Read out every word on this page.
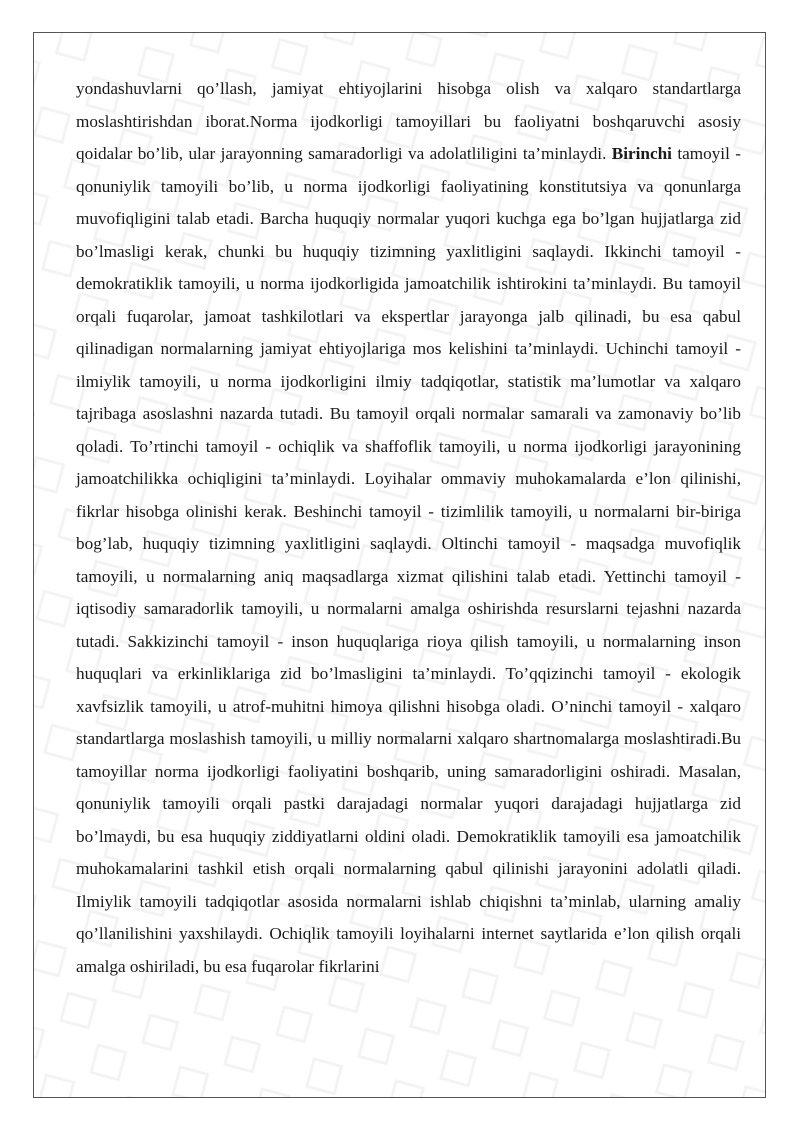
yondashuvlarni qo’llash, jamiyat ehtiyojlarini hisobga olish va xalqaro standartlarga moslashtirishdan iborat.Norma ijodkorligi tamoyillari bu faoliyatni boshqaruvchi asosiy qoidalar bo’lib, ular jarayonning samaradorligi va adolatliligini ta’minlaydi. Birinchi tamoyil - qonuniylik tamoyili bo’lib, u norma ijodkorligi faoliyatining konstitutsiya va qonunlarga muvofiqligini talab etadi. Barcha huquqiy normalar yuqori kuchga ega bo’lgan hujjatlarga zid bo’lmasligi kerak, chunki bu huquqiy tizimning yaxlitligini saqlaydi. Ikkinchi tamoyil - demokratiklik tamoyili, u norma ijodkorligida jamoatchilik ishtirokini ta’minlaydi. Bu tamoyil orqali fuqarolar, jamoat tashkilotlari va ekspertlar jarayonga jalb qilinadi, bu esa qabul qilinadigan normalarning jamiyat ehtiyojlariga mos kelishini ta’minlaydi. Uchinchi tamoyil - ilmiylik tamoyili, u norma ijodkorligini ilmiy tadqiqotlar, statistik ma’lumotlar va xalqaro tajribaga asoslashni nazarda tutadi. Bu tamoyil orqali normalar samarali va zamonaviy bo’lib qoladi. To’rtinchi tamoyil - ochiqlik va shaffoflik tamoyili, u norma ijodkorligi jarayonining jamoatchilikka ochiqligini ta’minlaydi. Loyihalar ommaviy muhokamalarda e’lon qilinishi, fikrlar hisobga olinishi kerak. Beshinchi tamoyil - tizimlilik tamoyili, u normalarni bir-biriga bog’lab, huquqiy tizimning yaxlitligini saqlaydi. Oltinchi tamoyil - maqsadga muvofiqlik tamoyili, u normalarning aniq maqsadlarga xizmat qilishini talab etadi. Yettinchi tamoyil - iqtisodiy samaradorlik tamoyili, u normalarni amalga oshirishda resurslarni tejashni nazarda tutadi. Sakkizinchi tamoyil - inson huquqlariga rioya qilish tamoyili, u normalarning inson huquqlari va erkinliklariga zid bo’lmasligini ta’minlaydi. To’qqizinchi tamoyil - ekologik xavfsizlik tamoyili, u atrof-muhitni himoya qilishni hisobga oladi. O’ninchi tamoyil - xalqaro standartlarga moslashish tamoyili, u milliy normalarni xalqaro shartnomalarga moslashtiradi.Bu tamoyillar norma ijodkorligi faoliyatini boshqarib, uning samaradorligini oshiradi. Masalan, qonuniylik tamoyili orqali pastki darajadagi normalar yuqori darajadagi hujjatlarga zid bo’lmaydi, bu esa huquqiy ziddiyatlarni oldini oladi. Demokratiklik tamoyili esa jamoatchilik muhokamalarini tashkil etish orqali normalarning qabul qilinishi jarayonini adolatli qiladi. Ilmiylik tamoyili tadqiqotlar asosida normalarni ishlab chiqishni ta’minlab, ularning amaliy qo’llanilishini yaxshilaydi. Ochiqlik tamoyili loyihalarni internet saytlarida e’lon qilish orqali amalga oshiriladi, bu esa fuqarolar fikrlarini
